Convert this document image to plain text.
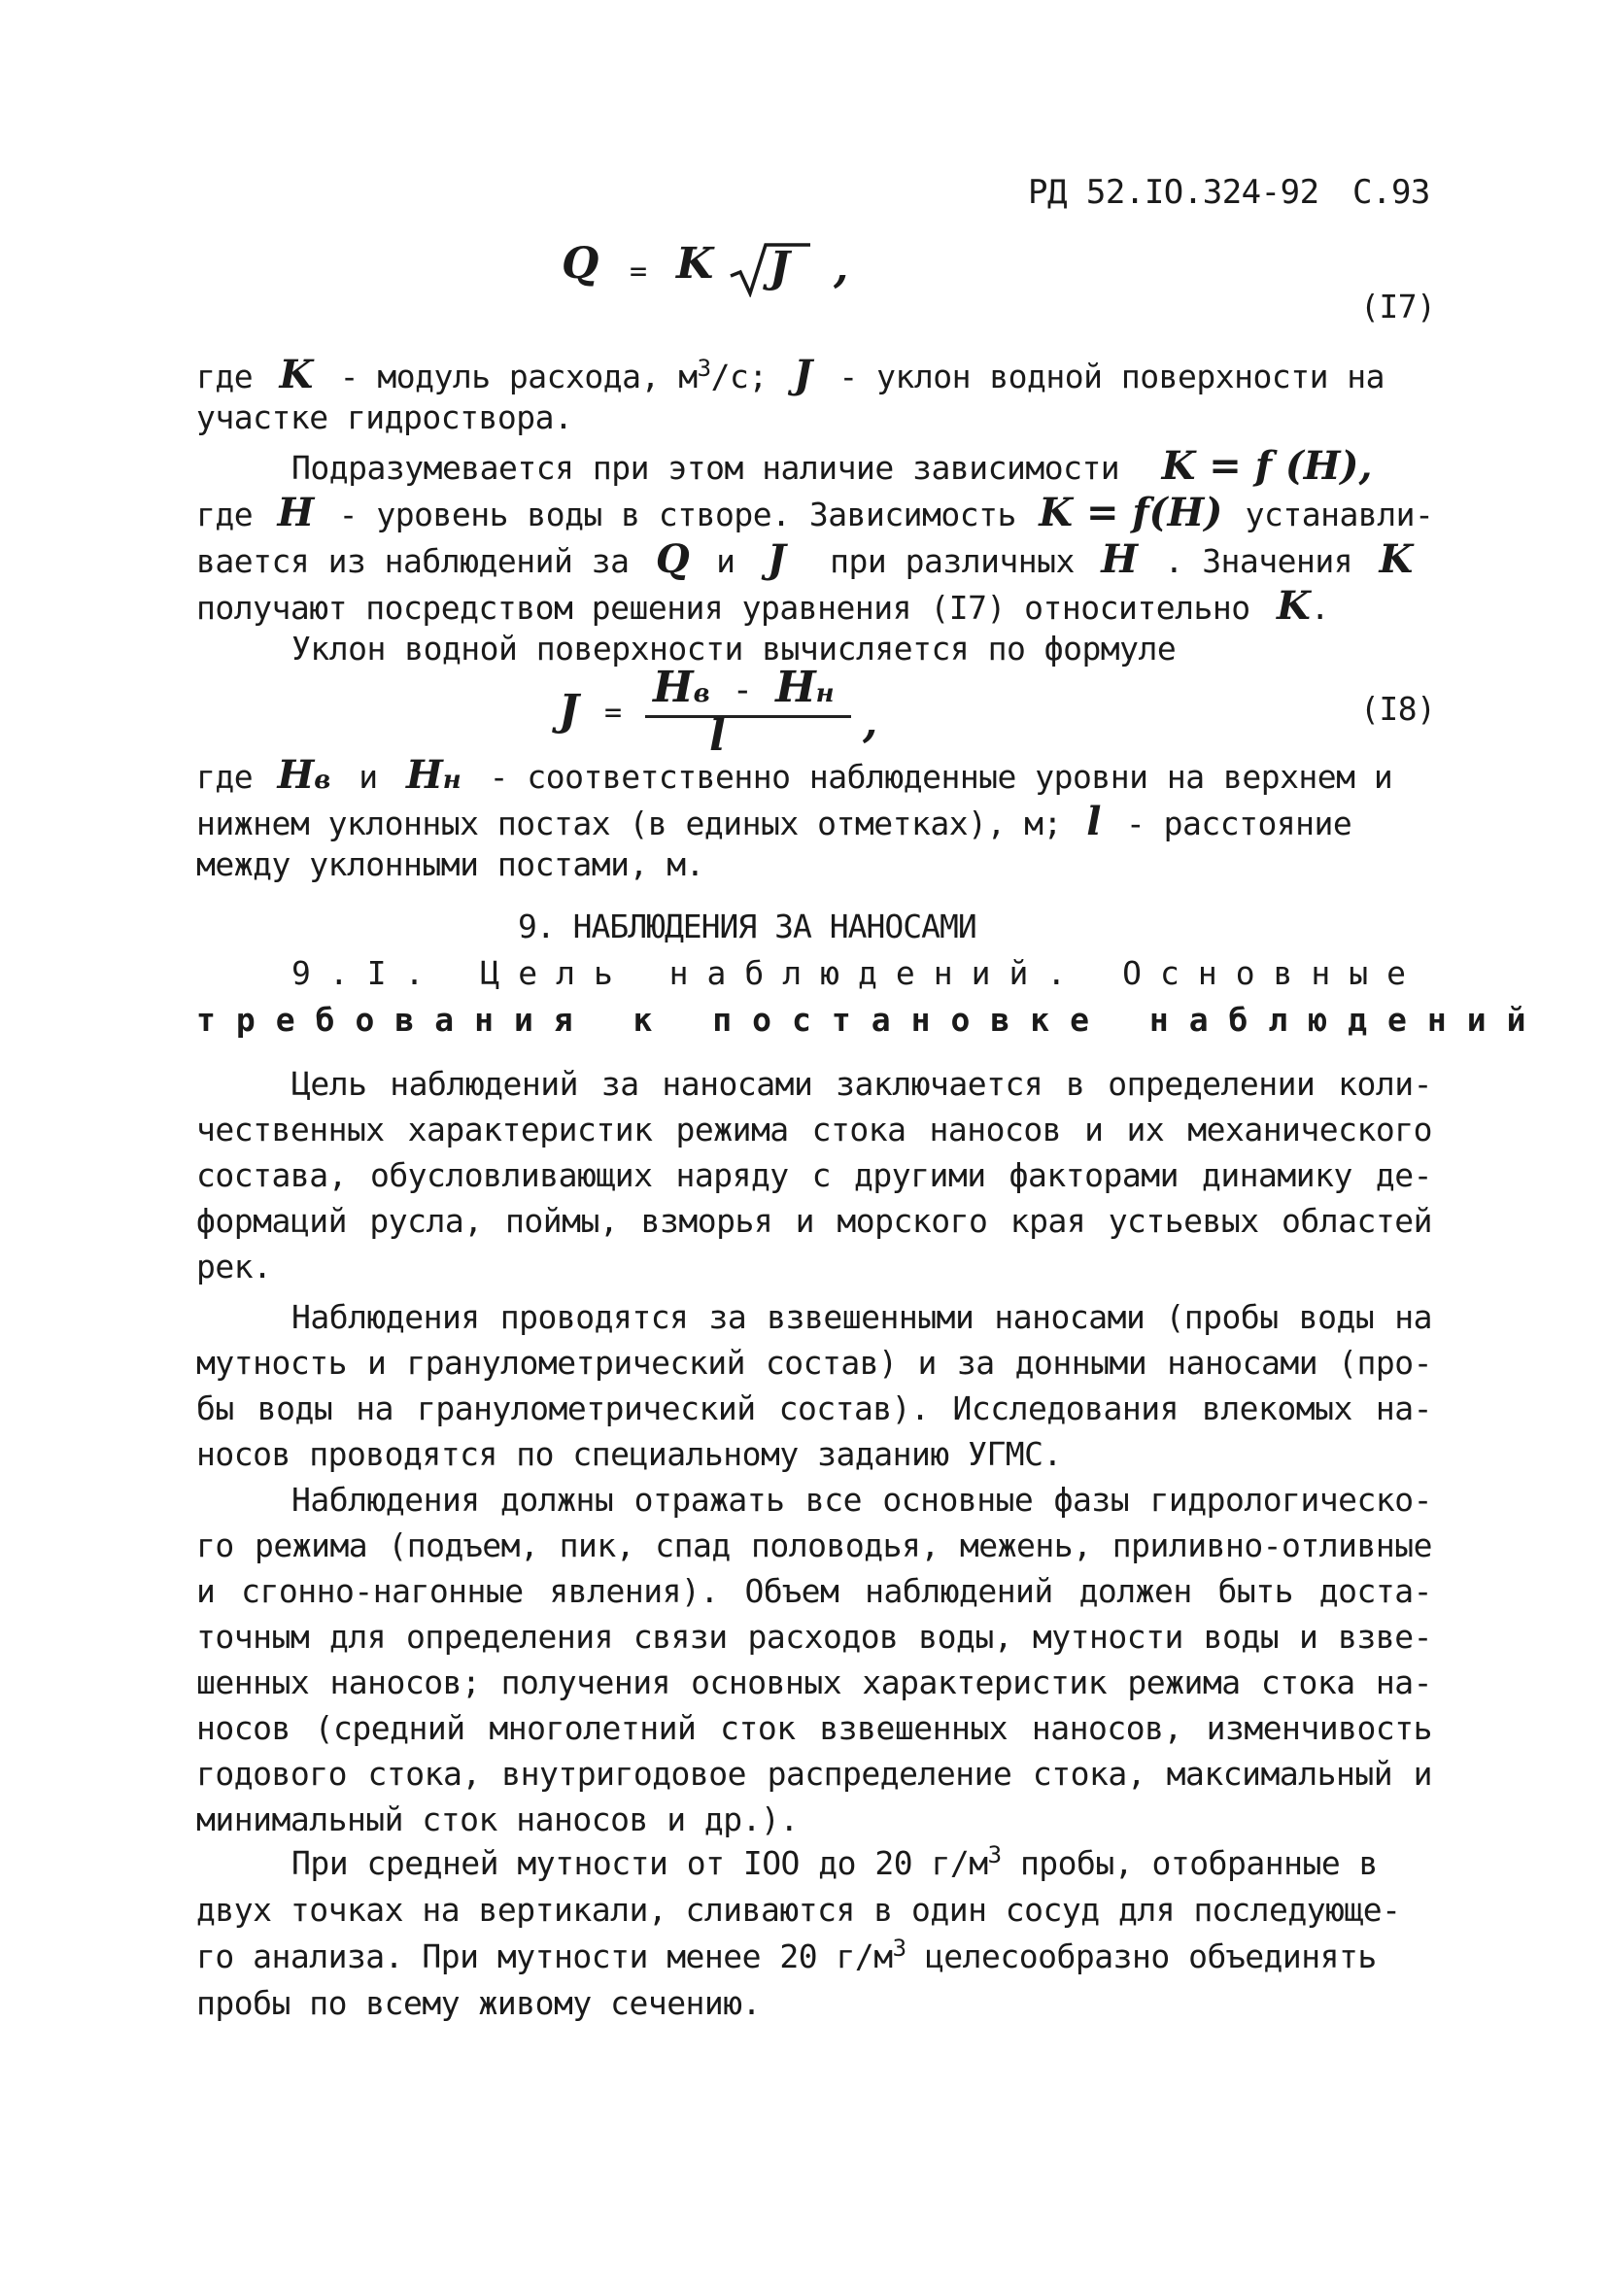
РД 52.IO.324-92 С.93
Q = K J ,
(I7)
где K - модуль расхода, $м^3/с$; J - уклон водной поверхности на
участке гидроствора.
Подразумевается при этом наличие зависимости K = f (H),
где H - уровень воды в створе. Зависимость K = f(H) устанавли-
вается из наблюдений за Q и J при различных H . Значения K
получают посредством решения уравнения (I7) относительно K.
Уклон водной поверхности вычисляется по формуле
J =
Hв - Hн
l	,	(I8)
где Hв и Hн - соответственно наблюденные уровни на верхнем и
нижнем уклонных постах (в единых отметках), м; l - расстояние
между уклонными постами, м.
9. НАБЛЮДЕНИЯ ЗА НАНОСАМИ
9.I. Цель наблюдений. Основные
требования к постановке наблюдений
Цель наблюдений за наносами заключается в определении коли-чественных характеристик режима стока наносов и их механического состава, обусловливающих наряду с другими факторами динамику де-формаций русла, поймы, взморья и морского края устьевых областей рек.
Наблюдения проводятся за взвешенными наносами (пробы воды на мутность и гранулометрический состав) и за донными наносами (про-бы воды на гранулометрический состав). Исследования влекомых на-носов проводятся по специальному заданию УГМС.
Наблюдения должны отражать все основные фазы гидрологическо-го режима (подъем, пик, спад половодья, межень, приливно-отливные и сгонно-нагонные явления). Объем наблюдений должен быть доста-точным для определения связи расходов воды, мутности воды и взве-шенных наносов; получения основных характеристик режима стока на-носов (средний многолетний сток взвешенных наносов, изменчивость годового стока, внутригодовое распределение стока, максимальный и минимальный сток наносов и др.).
При средней мутности от IOO до 20 $г/м^3$ пробы, отобранные в
двух точках на вертикали, сливаются в один сосуд для последующе-
го анализа. При мутности менее 20 $г/м^3$ целесообразно объединять
пробы по всему живому сечению.
